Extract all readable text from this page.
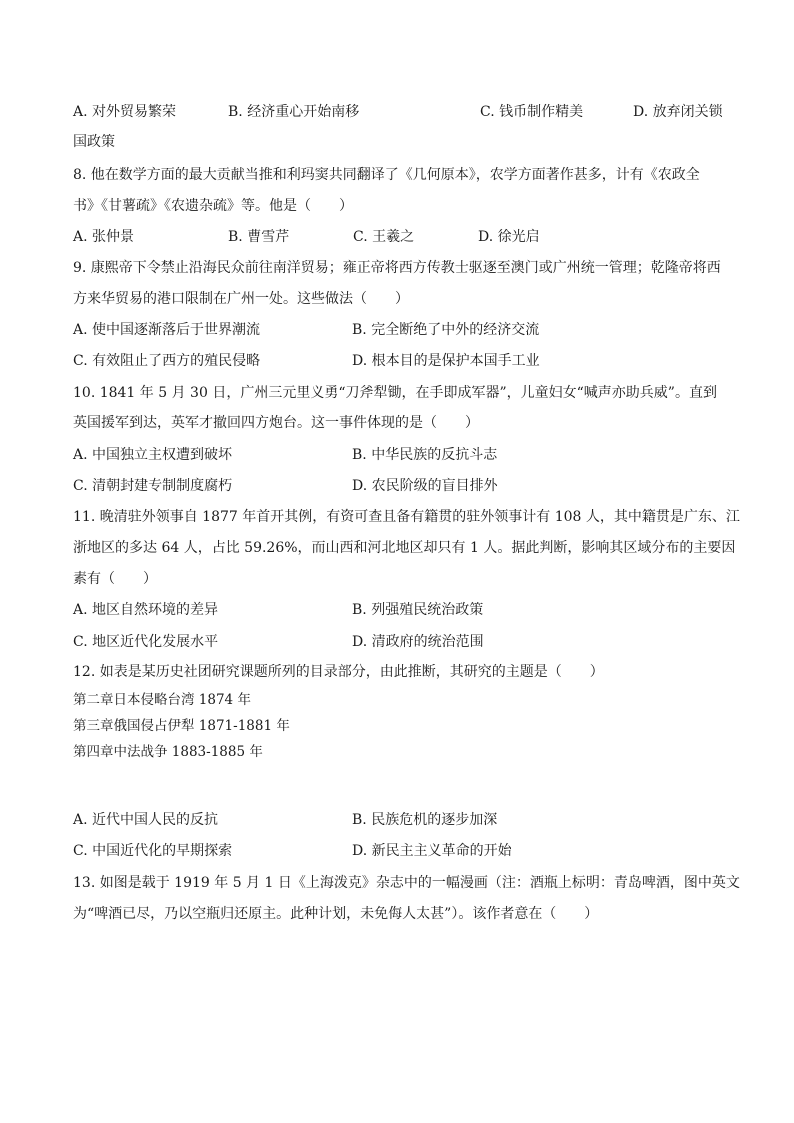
A. 对外贸易繁荣	B. 经济重心开始南移	C. 钱币制作精美	D. 放弃闭关锁
国政策
8. 他在数学方面的最大贡献当推和利玛窦共同翻译了《几何原本》，农学方面著作甚多，计有《农政全
书》《甘薯疏》《农遗杂疏》等。他是（　　）
A. 张仲景	B. 曹雪芹	C. 王羲之	D. 徐光启
9. 康熙帝下令禁止沿海民众前往南洋贸易；雍正帝将西方传教士驱逐至澳门或广州统一管理；乾隆帝将西
方来华贸易的港口限制在广州一处。这些做法（　　）
A. 使中国逐渐落后于世界潮流	B. 完全断绝了中外的经济交流
C. 有效阻止了西方的殖民侵略	D. 根本目的是保护本国手工业
10. 1841 年 5 月 30 日，广州三元里义勇“刀斧犁锄，在手即成军器”，儿童妇女“喊声亦助兵威”。直到
英国援军到达，英军才撤回四方炮台。这一事件体现的是（　　）
A. 中国独立主权遭到破坏	B. 中华民族的反抗斗志
C. 清朝封建专制制度腐朽	D. 农民阶级的盲目排外
11. 晚清驻外领事自 1877 年首开其例，有资可查且备有籍贯的驻外领事计有 108 人，其中籍贯是广东、江
浙地区的多达 64 人，占比 59.26%，而山西和河北地区却只有 1 人。据此判断，影响其区域分布的主要因
素有（　　）
A. 地区自然环境的差异	B. 列强殖民统治政策
C. 地区近代化发展水平	D. 清政府的统治范围
12. 如表是某历史社团研究课题所列的目录部分，由此推断，其研究的主题是（　　）
第二章日本侵略台湾 1874 年
第三章俄国侵占伊犁 1871-1881 年
第四章中法战争 1883-1885 年
A. 近代中国人民的反抗	B. 民族危机的逐步加深
C. 中国近代化的早期探索	D. 新民主主义革命的开始
13. 如图是载于 1919 年 5 月 1 日《上海泼克》杂志中的一幅漫画（注：酒瓶上标明：青岛啤酒，图中英文
为“啤酒已尽，乃以空瓶归还原主。此种计划，未免侮人太甚”）。该作者意在（　　）
